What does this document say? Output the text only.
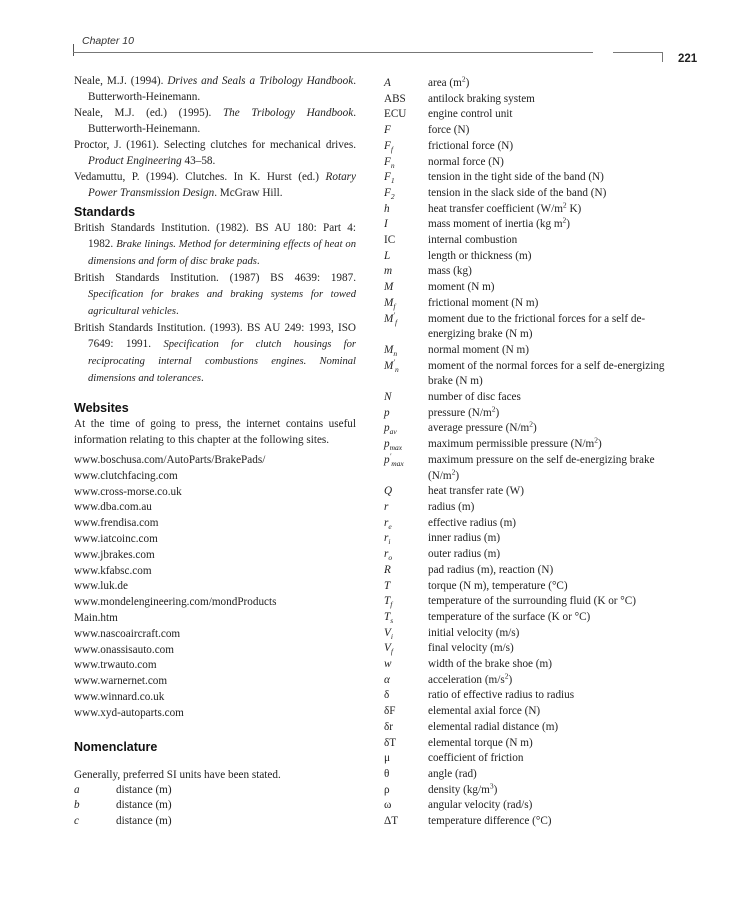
Chapter 10
221
Neale, M.J. (1994). Drives and Seals a Tribology Handbook. Butterworth-Heinemann.
Neale, M.J. (ed.) (1995). The Tribology Handbook. Butterworth-Heinemann.
Proctor, J. (1961). Selecting clutches for mechanical drives. Product Engineering 43–58.
Vedamuttu, P. (1994). Clutches. In K. Hurst (ed.) Rotary Power Transmission Design. McGraw Hill.
Standards
British Standards Institution. (1982). BS AU 180: Part 4: 1982. Brake linings. Method for determining effects of heat on dimensions and form of disc brake pads.
British Standards Institution. (1987) BS 4639: 1987. Specification for brakes and braking systems for towed agricultural vehicles.
British Standards Institution. (1993). BS AU 249: 1993, ISO 7649: 1991. Specification for clutch housings for reciprocating internal combustions engines. Nominal dimensions and tolerances.
Websites
At the time of going to press, the internet contains useful information relating to this chapter at the following sites.
www.boschusa.com/AutoParts/BrakePads/
www.clutchfacing.com
www.cross-morse.co.uk
www.dba.com.au
www.frendisa.com
www.iatcoinc.com
www.jbrakes.com
www.kfabsc.com
www.luk.de
www.mondelengineering.com/mondProducts
Main.htm
www.nascoaircraft.com
www.onassisauto.com
www.trwauto.com
www.warnernet.com
www.winnard.co.uk
www.xyd-autoparts.com
Nomenclature
Generally, preferred SI units have been stated.
a	distance (m)
b	distance (m)
c	distance (m)
A	area $(m^2)$
ABS	antilock braking system
ECU	engine control unit
F	force (N)
$F_f$	frictional force (N)
$F_n$	normal force (N)
$F_1$	tension in the tight side of the band (N)
$F_2$	tension in the slack side of the band (N)
h	heat transfer coefficient ($W/m^2$ K)
I	mass moment of inertia (kg $m^2$)
IC	internal combustion
L	length or thickness (m)
m	mass (kg)
M	moment (N m)
$M_f$	frictional moment (N m)
$M'_f$	moment due to the frictional forces for a self de-energizing brake (N m)
$M_n$	normal moment (N m)
$M'_n$	moment of the normal forces for a self de-energizing brake (N m)
N	number of disc faces
p	pressure $(N/m^2)$
$p_{av}$	average pressure $(N/m^2)$
$p_{max}$	maximum permissible pressure $(N/m^2)$
$p'_{max}$	maximum pressure on the self de-energizing brake $(N/m^2)$
Q	heat transfer rate (W)
r	radius (m)
$r_e$	effective radius (m)
$r_i$	inner radius (m)
$r_o$	outer radius (m)
R	pad radius (m), reaction (N)
T	torque (N m), temperature (°C)
$T_f$	temperature of the surrounding fluid (K or °C)
$T_s$	temperature of the surface (K or °C)
$V_i$	initial velocity (m/s)
$V_f$	final velocity (m/s)
w	width of the brake shoe (m)
α	acceleration $(m/s^2)$
δ	ratio of effective radius to radius
δF	elemental axial force (N)
δr	elemental radial distance (m)
δT	elemental torque (N m)
μ	coefficient of friction
θ	angle (rad)
ρ	density $(kg/m^3)$
ω	angular velocity (rad/s)
ΔT	temperature difference (°C)
